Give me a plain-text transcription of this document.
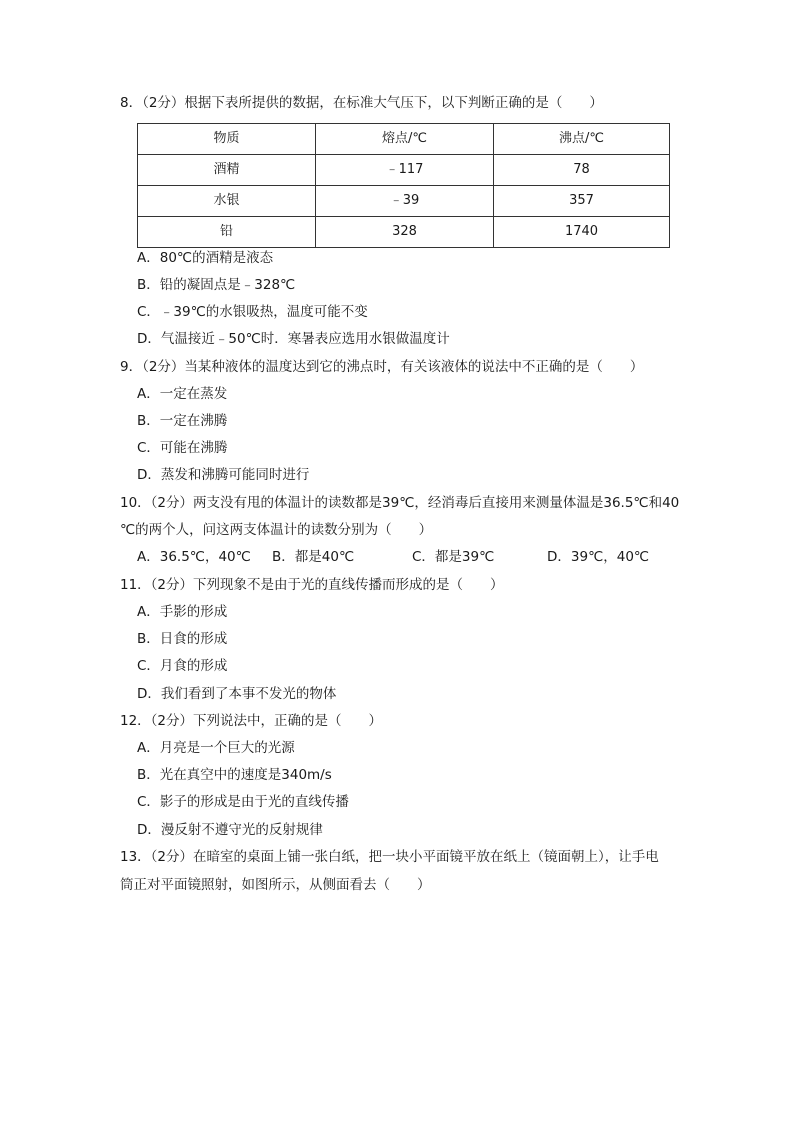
8．（2分）根据下表所提供的数据，在标准大气压下，以下判断正确的是（　　）
物质	熔点/℃	沸点/℃
酒精	﹣117	78
水银	﹣39	357
铅	328	1740
A．80℃的酒精是液态
B．铅的凝固点是﹣328℃
C．﹣39℃的水银吸热，温度可能不变
D．气温接近﹣50℃时．寒暑表应选用水银做温度计
9．（2分）当某种液体的温度达到它的沸点时，有关该液体的说法中不正确的是（　　）
A．一定在蒸发
B．一定在沸腾
C．可能在沸腾
D．蒸发和沸腾可能同时进行
10．（2分）两支没有甩的体温计的读数都是39℃，经消毒后直接用来测量体温是36.5℃和40
℃的两个人，问这两支体温计的读数分别为（　　）
A．36.5℃，40℃ B．都是40℃	C．都是39℃	D．39℃，40℃
11．（2分）下列现象不是由于光的直线传播而形成的是（　　）
A．手影的形成
B．日食的形成
C．月食的形成
D．我们看到了本事不发光的物体
12．（2分）下列说法中，正确的是（　　）
A．月亮是一个巨大的光源
B．光在真空中的速度是340m/s
C．影子的形成是由于光的直线传播
D．漫反射不遵守光的反射规律
13．（2分）在暗室的桌面上铺一张白纸，把一块小平面镜平放在纸上（镜面朝上），让手电
筒正对平面镜照射，如图所示，从侧面看去（　　）
